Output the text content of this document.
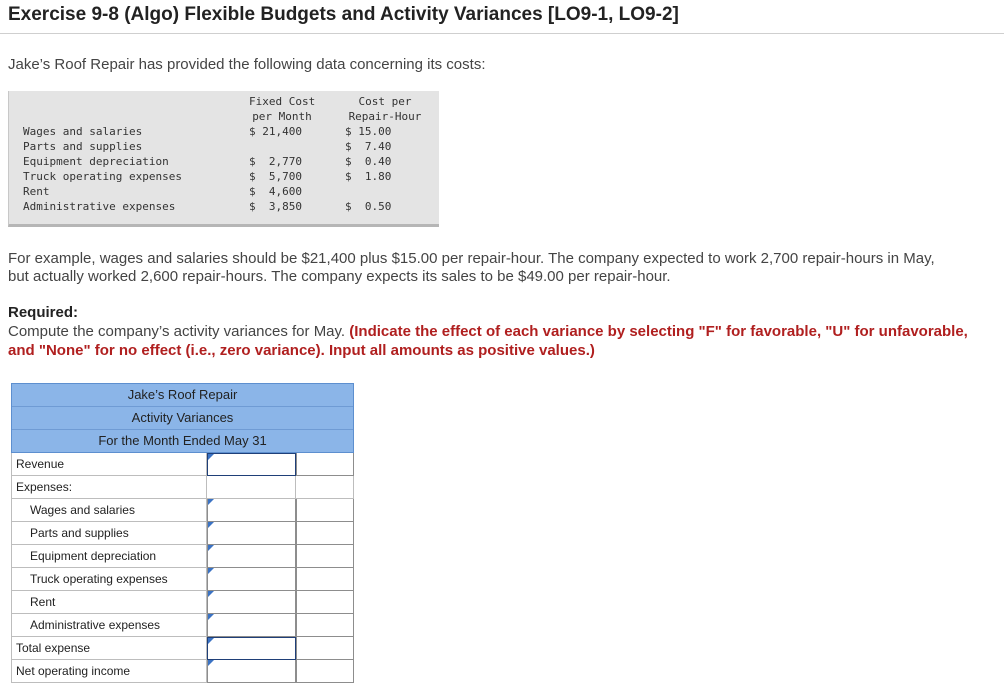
Exercise 9-8 (Algo) Flexible Budgets and Activity Variances [LO9-1, LO9-2]
Jake’s Roof Repair has provided the following data concerning its costs:
Wages and salaries
Parts and supplies
Equipment depreciation
Truck operating expenses
Rent
Administrative expenses
Fixed Cost
per Month
$ 21,400
$  2,770
$  5,700
$  4,600
$  3,850
Cost per
Repair-Hour
$ 15.00
$  7.40
$  0.40
$  1.80
$  0.50

For example, wages and salaries should be $21,400 plus $15.00 per repair-hour. The company expected to work 2,700 repair-hours in May, but actually worked 2,600 repair-hours. The company expects its sales to be $49.00 per repair-hour.

Required:

Compute the company’s activity variances for May. (Indicate the effect of each variance by selecting "F" for favorable, "U" for unfavorable, and "None" for no effect (i.e., zero variance). Input all amounts as positive values.)

Jake’s Roof Repair
Activity Variances
For the Month Ended May 31
Revenue
Expenses:
Wages and salaries
Parts and supplies
Equipment depreciation
Truck operating expenses
Rent
Administrative expenses
Total expense
Net operating income
